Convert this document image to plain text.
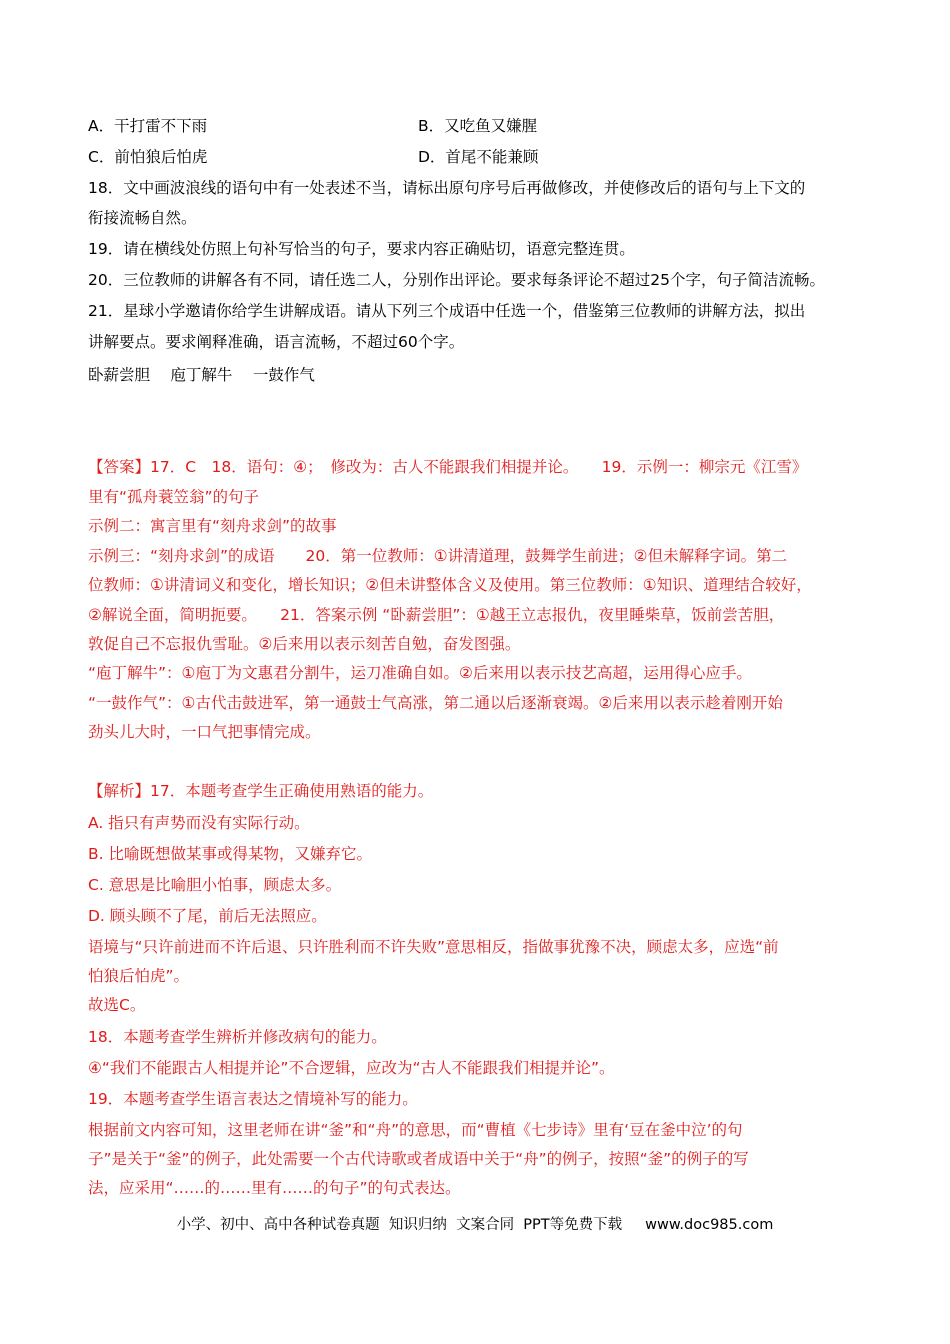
A．干打雷不下雨	B．又吃鱼又嫌腥
C．前怕狼后怕虎	D．首尾不能兼顾
18．文中画波浪线的语句中有一处表述不当，请标出原句序号后再做修改，并使修改后的语句与上下文的
衔接流畅自然。
19．请在横线处仿照上句补写恰当的句子，要求内容正确贴切，语意完整连贯。
20．三位教师的讲解各有不同，请任选二人，分别作出评论。要求每条评论不超过25个字，句子简洁流畅。
21．星球小学邀请你给学生讲解成语。请从下列三个成语中任选一个，借鉴第三位教师的讲解方法，拟出
讲解要点。要求阐释准确，语言流畅，不超过60个字。
卧薪尝胆　 庖丁解牛　 一鼓作气
【答案】17．C　18．语句：④；　修改为：古人不能跟我们相提并论。　　19．示例一：柳宗元《江雪》
里有“孤舟蓑笠翁”的句子
示例二：寓言里有“刻舟求剑”的故事
示例三：“刻舟求剑”的成语　　20．第一位教师：①讲清道理，鼓舞学生前进；②但未解释字词。第二
位教师：①讲清词义和变化，增长知识；②但未讲整体含义及使用。第三位教师：①知识、道理结合较好，
②解说全面，简明扼要。　　21．答案示例 “卧薪尝胆”：①越王立志报仇，夜里睡柴草，饭前尝苦胆，
敦促自己不忘报仇雪耻。②后来用以表示刻苦自勉，奋发图强。
“庖丁解牛”：①庖丁为文惠君分割牛，运刀准确自如。②后来用以表示技艺高超，运用得心应手。
“一鼓作气”：①古代击鼓进军，第一通鼓士气高涨，第二通以后逐渐衰竭。②后来用以表示趁着刚开始
劲头儿大时，一口气把事情完成。
【解析】17．本题考查学生正确使用熟语的能力。
A. 指只有声势而没有实际行动。
B. 比喻既想做某事或得某物，又嫌弃它。
C. 意思是比喻胆小怕事，顾虑太多。
D. 顾头顾不了尾，前后无法照应。
语境与“只许前进而不许后退、只许胜利而不许失败”意思相反，指做事犹豫不决，顾虑太多，应选“前
怕狼后怕虎”。
故选C。
18．本题考查学生辨析并修改病句的能力。
④“我们不能跟古人相提并论”不合逻辑，应改为“古人不能跟我们相提并论”。
19．本题考查学生语言表达之情境补写的能力。
根据前文内容可知，这里老师在讲“釜”和“舟”的意思，而“曹植《七步诗》里有‘豆在釜中泣’的句
子”是关于“釜”的例子，此处需要一个古代诗歌或者成语中关于“舟”的例子，按照“釜”的例子的写
法，应采用“……的……里有……的句子”的句式表达。
小学、初中、高中各种试卷真题  知识归纳  文案合同  PPT等免费下载     www.doc985.com
